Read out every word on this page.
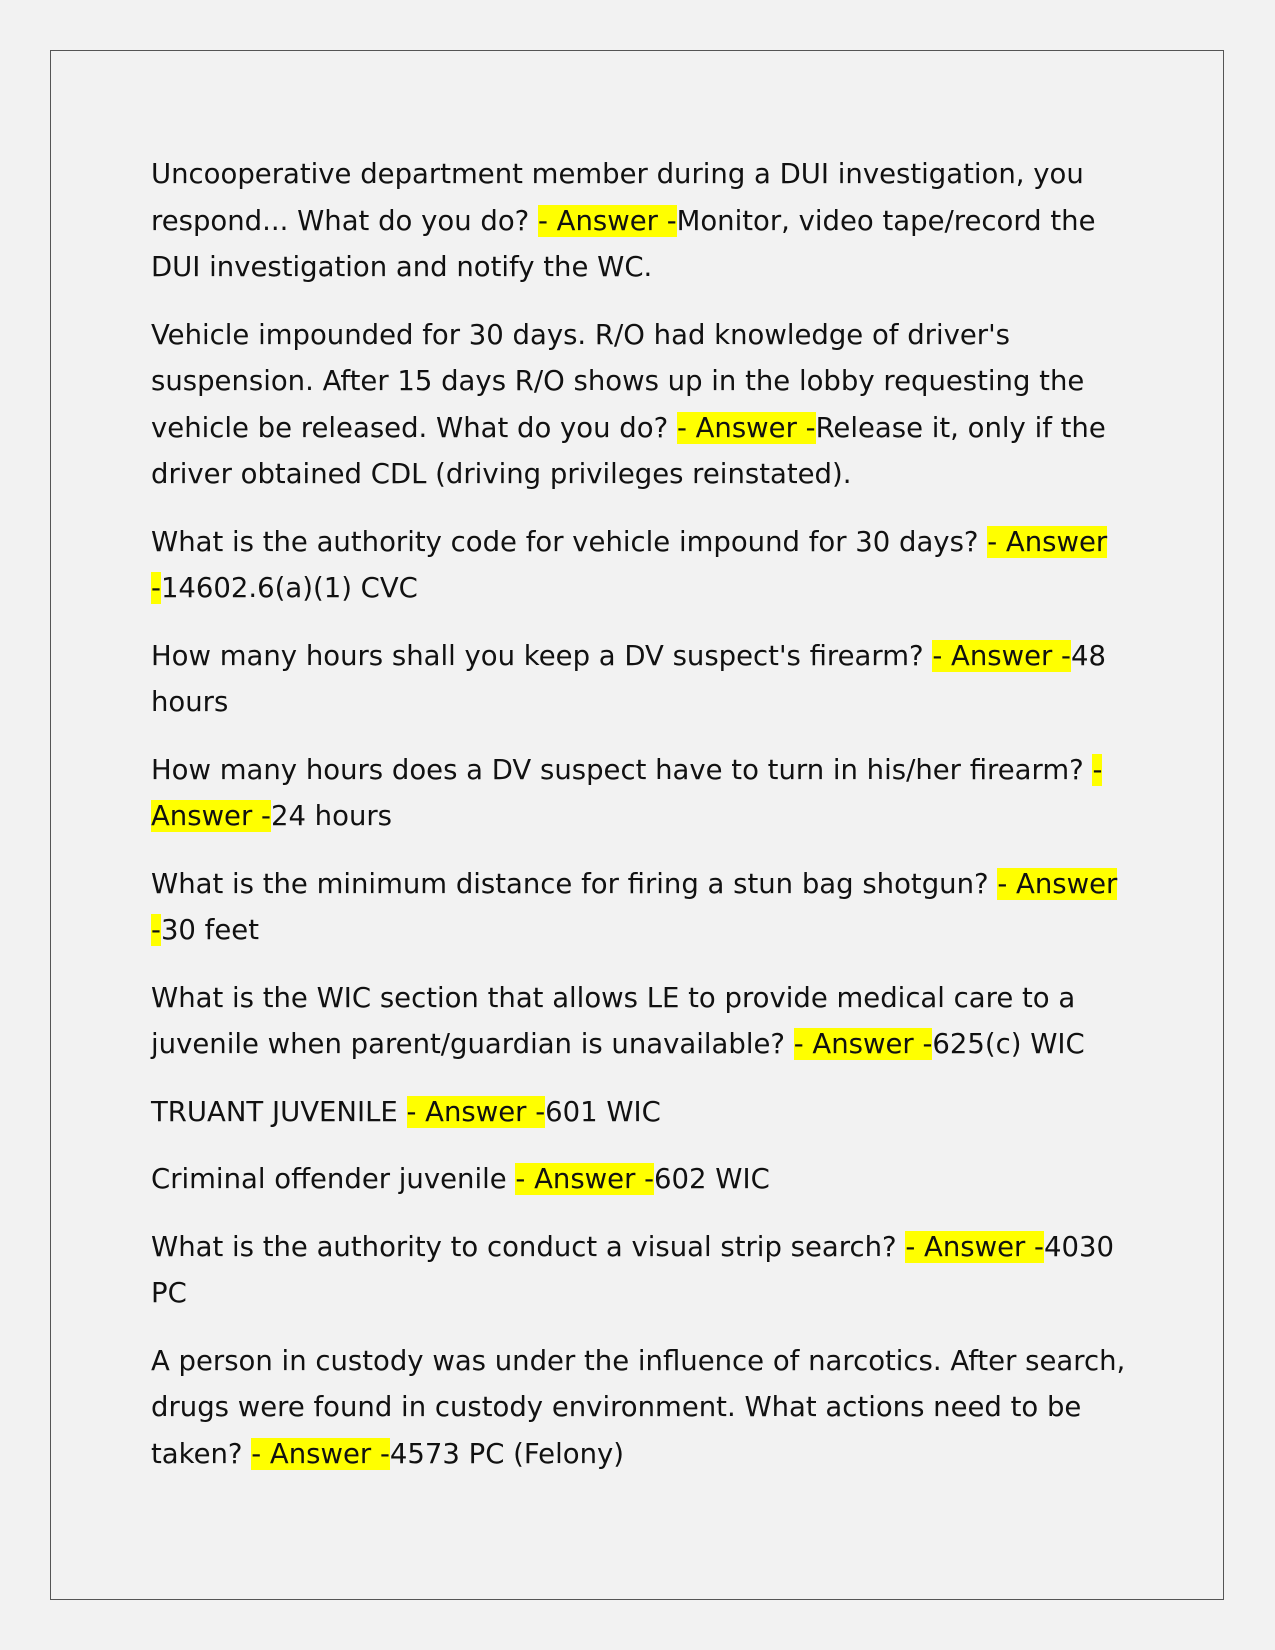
Uncooperative department member during a DUI investigation, you respond... What do you do? - Answer -Monitor, video tape/record the DUI investigation and notify the WC.

Vehicle impounded for 30 days. R/O had knowledge of driver's suspension. After 15 days R/O shows up in the lobby requesting the vehicle be released. What do you do? - Answer -Release it, only if the driver obtained CDL (driving privileges reinstated).

What is the authority code for vehicle impound for 30 days? - Answer -14602.6(a)(1) CVC

How many hours shall you keep a DV suspect's firearm? - Answer -48 hours

How many hours does a DV suspect have to turn in his/her firearm? - Answer -24 hours

What is the minimum distance for firing a stun bag shotgun? - Answer -30 feet

What is the WIC section that allows LE to provide medical care to a juvenile when parent/guardian is unavailable? - Answer -625(c) WIC

TRUANT JUVENILE - Answer -601 WIC

Criminal offender juvenile - Answer -602 WIC

What is the authority to conduct a visual strip search? - Answer -4030 PC

A person in custody was under the influence of narcotics. After search, drugs were found in custody environment. What actions need to be taken? - Answer -4573 PC (Felony)
